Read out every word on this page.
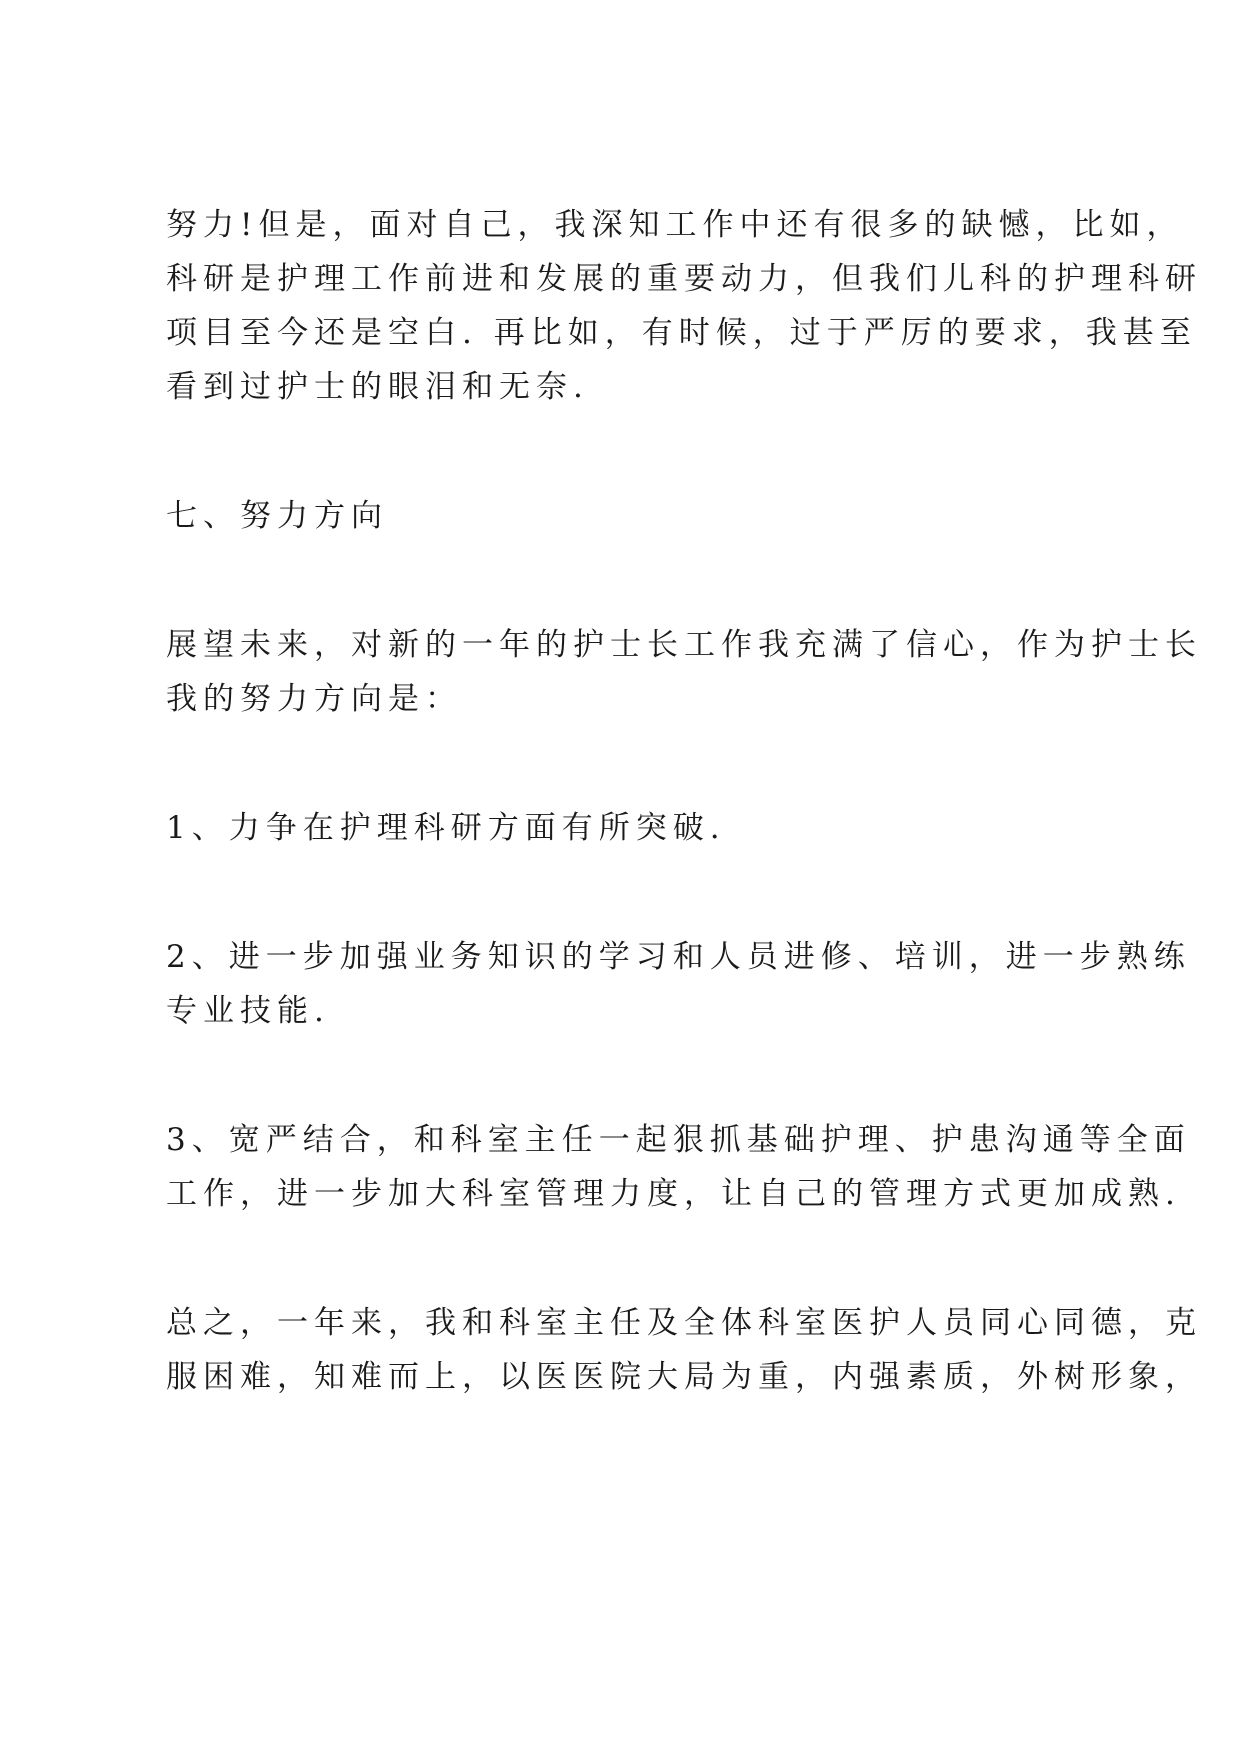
努力!但是，面对自己，我深知工作中还有很多的缺憾，比如，

科研是护理工作前进和发展的重要动力，但我们儿科的护理科研

项目至今还是空白. 再比如，有时候，过于严厉的要求，我甚至

看到过护士的眼泪和无奈.

七、努力方向

展望未来，对新的一年的护士长工作我充满了信心，作为护士长

我的努力方向是：

1、力争在护理科研方面有所突破.

2、进一步加强业务知识的学习和人员进修、培训，进一步熟练

专业技能.

3、宽严结合，和科室主任一起狠抓基础护理、护患沟通等全面

工作，进一步加大科室管理力度，让自己的管理方式更加成熟.

总之，一年来，我和科室主任及全体科室医护人员同心同德，克

服困难，知难而上，以医医院大局为重，内强素质，外树形象，
